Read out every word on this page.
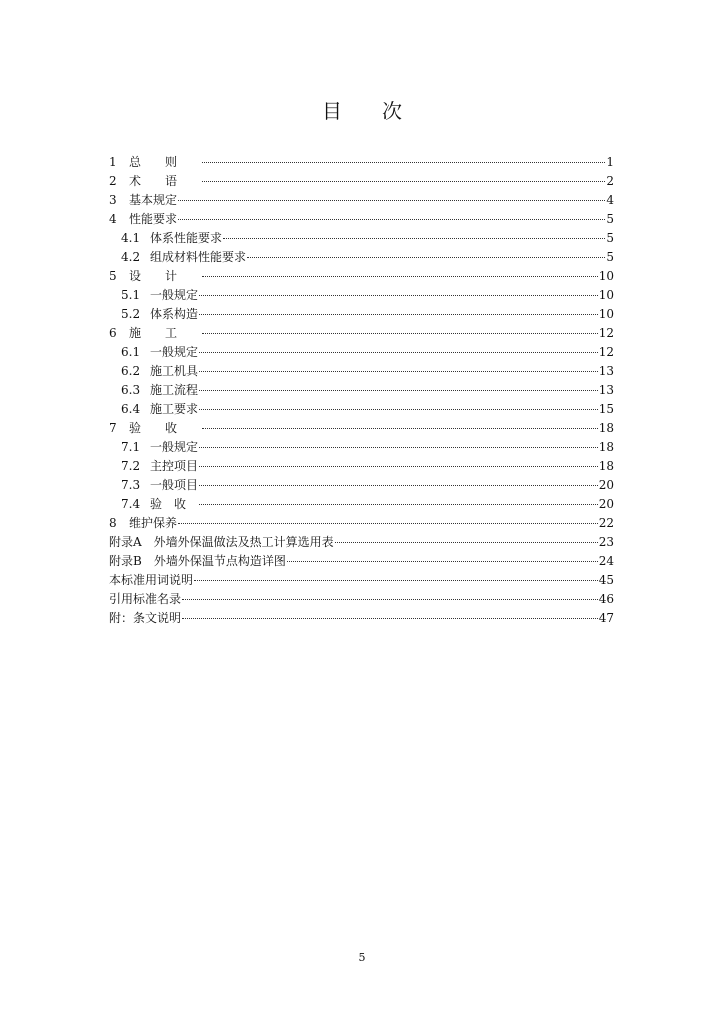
目次
1	总则	1
2	术语	2
3	基本规定	4
4	性能要求	5
4.1 体系性能要求	5
4.2 组成材料性能要求	5
5	设计	10
5.1 一般规定	10
5.2 体系构造	10
6	施工	12
6.1 一般规定	12
6.2 施工机具	13
6.3 施工流程	13
6.4 施工要求	15
7	验收	18
7.1 一般规定	18
7.2 主控项目	18
7.3 一般项目	20
7.4 验收	20
8	维护保养	22
附录A 外墙外保温做法及热工计算选用表	23
附录B 外墙外保温节点构造详图	24
本标准用词说明	45
引用标准名录	46
附：条文说明	47
5
